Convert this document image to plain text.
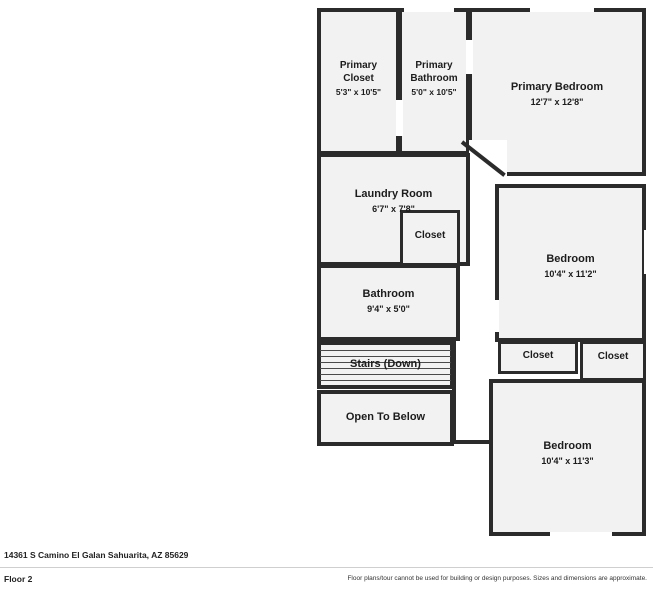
Primary
Closet
5'3" x 10'5"
Primary
Bathroom
5'0" x 10'5"	Primary Bedroom
12'7" x 12'8"
Laundry Room
6'7" x 7'8"
Closet
Bathroom
9'4" x 5'0"
Bedroom
10'4" x 11'2"
Closet	Closet
Stairs (Down)
Open To Below
Bedroom
10'4" x 11'3"
14361 S Camino El Galan Sahuarita, AZ 85629
Floor 2	Floor plans/tour cannot be used for building or design purposes. Sizes and dimensions are approximate.
